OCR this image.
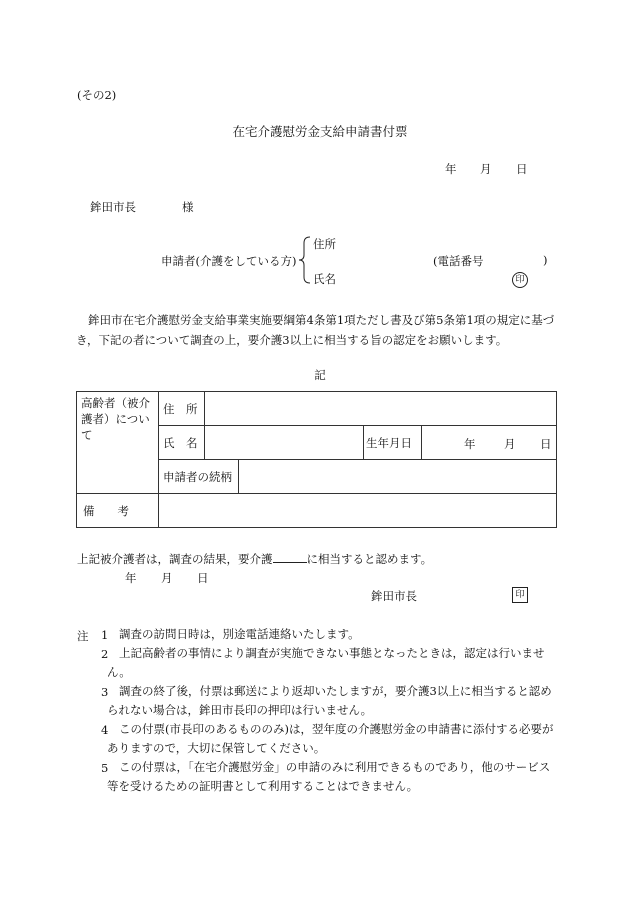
(その2)
在宅介護慰労金支給申請書付票
年 月 日
鉾田市長	様
申請者(介護をしている方)
住所
氏名
(電話番号	)
印
鉾田市在宅介護慰労金支給事業実施要綱第4条第1項ただし書及び第5条第1項の規定に基づき，下記の者について調査の上，要介護3以上に相当する旨の認定をお願いします。
記
高齢者（被介護者）について	住　所				
	氏　名			生年月日	年 月 日

	申請者の続柄				
備　　考					
上記被介護者は，調査の結果，要介護	に相当すると認めます。
年 月 日
鉾田市長	印
注 1 調査の訪問日時は，別途電話連絡いたします。
2 上記高齢者の事情により調査が実施できない事態となったときは，認定は行いません。
3 調査の終了後，付票は郵送により返却いたしますが，要介護3以上に相当すると認められない場合は，鉾田市長印の押印は行いません。
4 この付票(市長印のあるもののみ)は，翌年度の介護慰労金の申請書に添付する必要がありますので，大切に保管してください。
5 この付票は，「在宅介護慰労金」の申請のみに利用できるものであり，他のサービス等を受けるための証明書として利用することはできません。
